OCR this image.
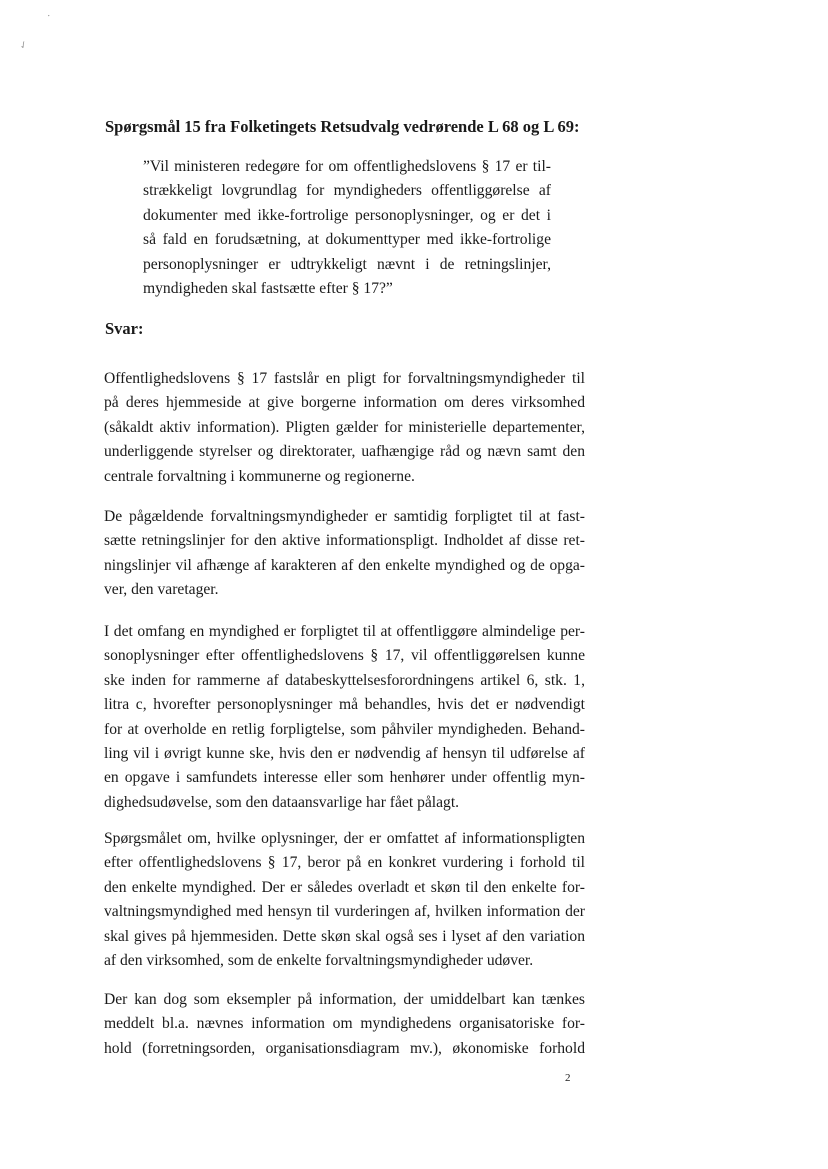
⋅
✓
Spørgsmål 15 fra Folketingets Retsudvalg vedrørende L 68 og L 69:
”Vil ministeren redegøre for om offentlighedslovens § 17 er til-
strækkeligt lovgrundlag for myndigheders offentliggørelse af
dokumenter med ikke-fortrolige personoplysninger, og er det i
så fald en forudsætning, at dokumenttyper med ikke-fortrolige
personoplysninger er udtrykkeligt nævnt i de retningslinjer,
myndigheden skal fastsætte efter § 17?”
Svar:
Offentlighedslovens § 17 fastslår en pligt for forvaltningsmyndigheder til
på deres hjemmeside at give borgerne information om deres virksomhed
(såkaldt aktiv information). Pligten gælder for ministerielle departementer,
underliggende styrelser og direktorater, uafhængige råd og nævn samt den
centrale forvaltning i kommunerne og regionerne.
De pågældende forvaltningsmyndigheder er samtidig forpligtet til at fast-
sætte retningslinjer for den aktive informationspligt. Indholdet af disse ret-
ningslinjer vil afhænge af karakteren af den enkelte myndighed og de opga-
ver, den varetager.
I det omfang en myndighed er forpligtet til at offentliggøre almindelige per-
sonoplysninger efter offentlighedslovens § 17, vil offentliggørelsen kunne
ske inden for rammerne af databeskyttelsesforordningens artikel 6, stk. 1,
litra c, hvorefter personoplysninger må behandles, hvis det er nødvendigt
for at overholde en retlig forpligtelse, som påhviler myndigheden. Behand-
ling vil i øvrigt kunne ske, hvis den er nødvendig af hensyn til udførelse af
en opgave i samfundets interesse eller som henhører under offentlig myn-
dighedsudøvelse, som den dataansvarlige har fået pålagt.
Spørgsmålet om, hvilke oplysninger, der er omfattet af informationspligten
efter offentlighedslovens § 17, beror på en konkret vurdering i forhold til
den enkelte myndighed. Der er således overladt et skøn til den enkelte for-
valtningsmyndighed med hensyn til vurderingen af, hvilken information der
skal gives på hjemmesiden. Dette skøn skal også ses i lyset af den variation
af den virksomhed, som de enkelte forvaltningsmyndigheder udøver.
Der kan dog som eksempler på information, der umiddelbart kan tænkes
meddelt bl.a. nævnes information om myndighedens organisatoriske for-
hold (forretningsorden, organisationsdiagram mv.), økonomiske forhold
2
